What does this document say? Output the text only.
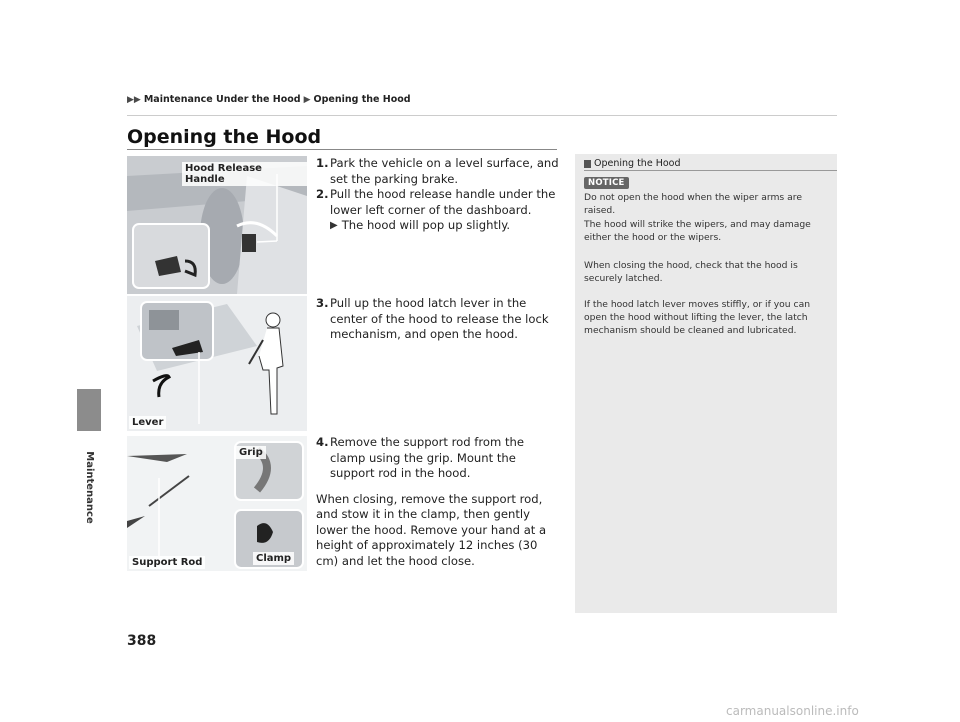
▶▶ Maintenance Under the Hood ▶ Opening the Hood
Opening the Hood
Maintenance
Hood Release Handle
Lever
Grip
Support Rod	Clamp
1. Park the vehicle on a level surface, and set the parking brake.
2. Pull the hood release handle under the lower left corner of the dashboard.
▶ The hood will pop up slightly.
3. Pull up the hood latch lever in the center of the hood to release the lock mechanism, and open the hood.
4. Remove the support rod from the clamp using the grip. Mount the support rod in the hood.
When closing, remove the support rod, and stow it in the clamp, then gently lower the hood. Remove your hand at a height of approximately 12 inches (30 cm) and let the hood close.
Opening the Hood
NOTICE
Do not open the hood when the wiper arms are raised.
The hood will strike the wipers, and may damage either the hood or the wipers.
When closing the hood, check that the hood is securely latched.
If the hood latch lever moves stiffly, or if you can open the hood without lifting the lever, the latch mechanism should be cleaned and lubricated.
388
carmanualsonline.info
